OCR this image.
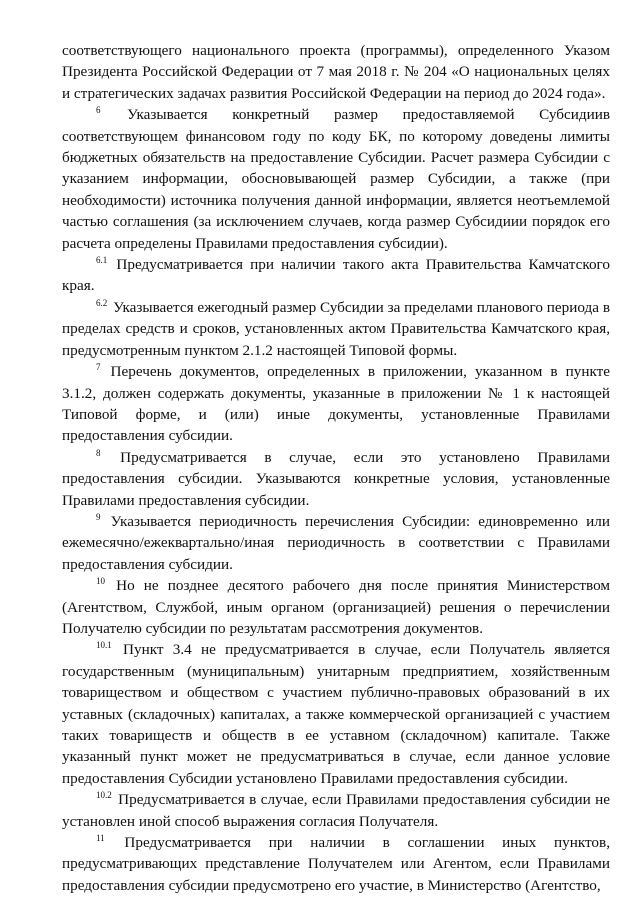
соответствующего национального проекта (программы), определенного Указом Президента Российской Федерации от 7 мая 2018 г. № 204 «О национальных целях и стратегических задачах развития Российской Федерации на период до 2024 года».

$^6$ Указывается конкретный размер предоставляемой Субсидиив соответствующем финансовом году по коду БК, по которому доведены лимиты бюджетных обязательств на предоставление Субсидии. Расчет размера Субсидии с указанием информации, обосновывающей размер Субсидии, а также (при необходимости) источника получения данной информации, является неотъемлемой частью соглашения (за исключением случаев, когда размер Субсидиии порядок его расчета определены Правилами предоставления субсидии).

$^{6.1}$ Предусматривается при наличии такого акта Правительства Камчатского края.

$^{6.2}$ Указывается ежегодный размер Субсидии за пределами планового периода в пределах средств и сроков, установленных актом Правительства Камчатского края, предусмотренным пунктом 2.1.2 настоящей Типовой формы.

$^7$ Перечень документов, определенных в приложении, указанном в пункте 3.1.2, должен содержать документы, указанные в приложении № 1 к настоящей Типовой форме, и (или) иные документы, установленные Правилами предоставления субсидии.

$^8$ Предусматривается в случае, если это установлено Правилами предоставления субсидии. Указываются конкретные условия, установленные Правилами предоставления субсидии.

$^9$ Указывается периодичность перечисления Субсидии: единовременно или ежемесячно/ежеквартально/иная периодичность в соответствии с Правилами предоставления субсидии.

$^{10}$ Но не позднее десятого рабочего дня после принятия Министерством (Агентством, Службой, иным органом (организацией) решения о перечислении Получателю субсидии по результатам рассмотрения документов.

$^{10.1}$ Пункт 3.4 не предусматривается в случае, если Получатель является государственным (муниципальным) унитарным предприятием, хозяйственным товариществом и обществом с участием публично-правовых образований в их уставных (складочных) капиталах, а также коммерческой организацией с участием таких товариществ и обществ в ее уставном (складочном) капитале. Также указанный пункт может не предусматриваться в случае, если данное условие предоставления Субсидии установлено Правилами предоставления субсидии.

$^{10.2}$ Предусматривается в случае, если Правилами предоставления субсидии не установлен иной способ выражения согласия Получателя.

$^{11}$ Предусматривается при наличии в соглашении иных пунктов, предусматривающих представление Получателем или Агентом, если Правилами предоставления субсидии предусмотрено его участие, в Министерство (Агентство,
